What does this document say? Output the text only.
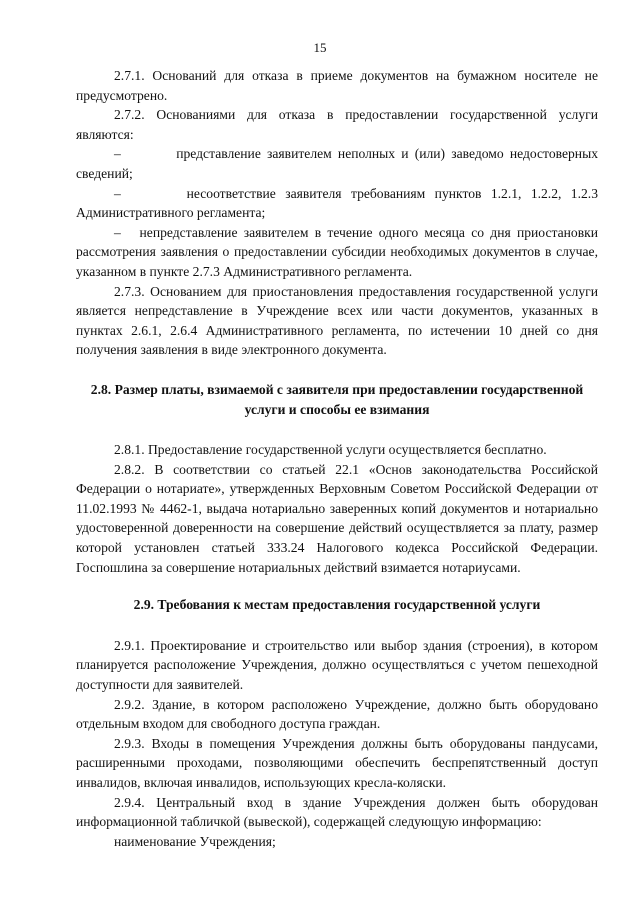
15

2.7.1. Оснований для отказа в приеме документов на бумажном носителе не предусмотрено.

2.7.2. Основаниями для отказа в предоставлении государственной услуги являются:

–         представление заявителем неполных и (или) заведомо недостоверных сведений;

–       несоответствие заявителя требованиям пунктов 1.2.1, 1.2.2, 1.2.3 Административного регламента;

–   непредставление заявителем в течение одного месяца со дня приостановки рассмотрения заявления о предоставлении субсидии необходимых документов в случае, указанном в пункте 2.7.3 Административного регламента.

2.7.3. Основанием для приостановления предоставления государственной услуги является непредставление в Учреждение всех или части документов, указанных в пунктах 2.6.1, 2.6.4 Административного регламента, по истечении 10 дней со дня получения заявления в виде электронного документа.

2.8. Размер платы, взимаемой с заявителя при предоставлении государственной услуги и способы ее взимания

2.8.1. Предоставление государственной услуги осуществляется бесплатно.

2.8.2. В соответствии со статьей 22.1 «Основ законодательства Российской Федерации о нотариате», утвержденных Верховным Советом Российской Федерации от 11.02.1993 № 4462-1, выдача нотариально заверенных копий документов и нотариально удостоверенной доверенности на совершение действий осуществляется за плату, размер которой установлен статьей 333.24 Налогового кодекса Российской Федерации. Госпошлина за совершение нотариальных действий взимается нотариусами.

2.9. Требования к местам предоставления государственной услуги

2.9.1. Проектирование и строительство или выбор здания (строения), в котором планируется расположение Учреждения, должно осуществляться с учетом пешеходной доступности для заявителей.

2.9.2. Здание, в котором расположено Учреждение, должно быть оборудовано отдельным входом для свободного доступа граждан.

2.9.3. Входы в помещения Учреждения должны быть оборудованы пандусами, расширенными проходами, позволяющими обеспечить беспрепятственный доступ инвалидов, включая инвалидов, использующих кресла-коляски.

2.9.4. Центральный вход в здание Учреждения должен быть оборудован информационной табличкой (вывеской), содержащей следующую информацию:

наименование Учреждения;
